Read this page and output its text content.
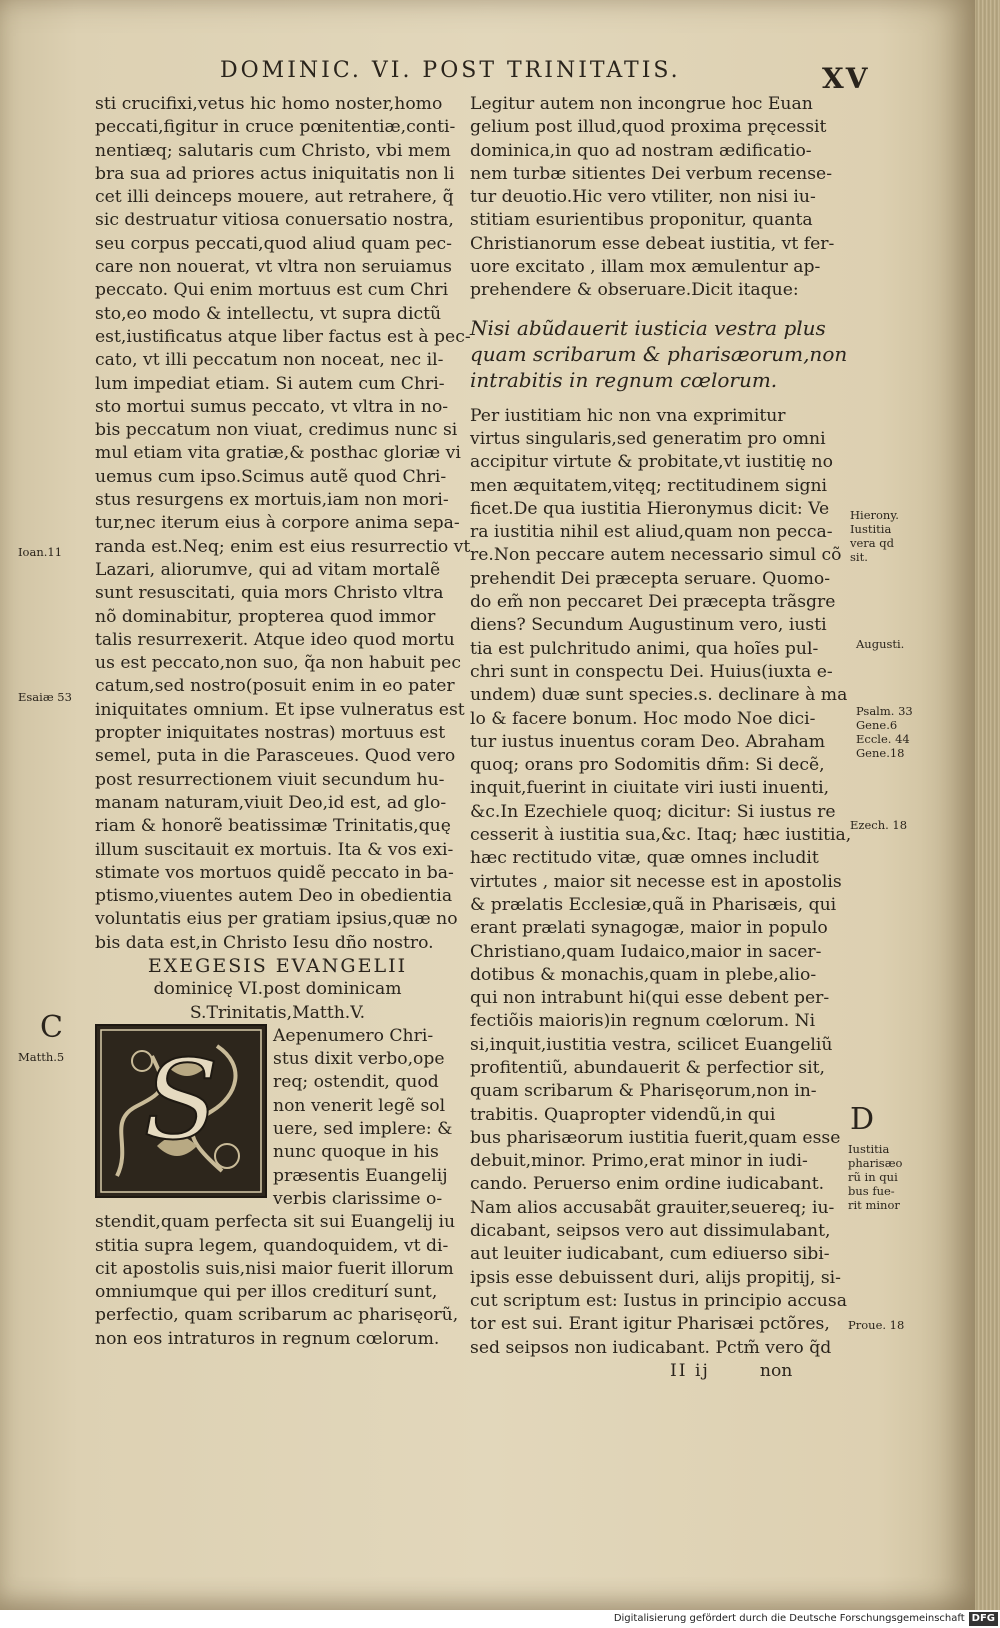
DOMINIC. VI. POST TRINITATIS.	XV
sti crucifixi,vetus hic homo noster,homo
peccati,figitur in cruce pœnitentiæ,conti-
nentiæq; salutaris cum Christo, vbi mem
bra sua ad priores actus iniquitatis non li
cet illi deinceps mouere, aut retrahere, q̃
sic destruatur vitiosa conuersatio nostra,
seu corpus peccati,quod aliud quam pec-
care non nouerat, vt vltra non seruiamus
peccato. Qui enim mortuus est cum Chri
sto,eo modo & intellectu, vt supra dictũ
est,iustificatus atque liber factus est à pec-
cato, vt illi peccatum non noceat, nec il-
lum impediat etiam. Si autem cum Chri-
sto mortui sumus peccato, vt vltra in no-
bis peccatum non viuat, credimus nunc si
mul etiam vita gratiæ,& posthac gloriæ vi
uemus cum ipso.Scimus autẽ quod Chri-
stus resurgens ex mortuis,iam non mori-
tur,nec iterum eius à corpore anima sepa-
randa est.Neq; enim est eius resurrectio vt
Lazari, aliorumve, qui ad vitam mortalẽ
sunt resuscitati, quia mors Christo vltra
nõ dominabitur, propterea quod immor
talis resurrexerit. Atque ideo quod mortu
us est peccato,non suo, q̃a non habuit pec
catum,sed nostro(posuit enim in eo pater
iniquitates omnium. Et ipse vulneratus est
propter iniquitates nostras) mortuus est
semel, puta in die Parasceues. Quod vero
post resurrectionem viuit secundum hu-
manam naturam,viuit Deo,id est, ad glo-
riam & honorẽ beatissimæ Trinitatis,quę
illum suscitauit ex mortuis. Ita & vos exi-
stimate vos mortuos quidẽ peccato in ba-
ptismo,viuentes autem Deo in obedientia
voluntatis eius per gratiam ipsius,quæ no
bis data est,in Christo Iesu dño nostro.
EXEGESIS EVANGELII
dominicę VI.post dominicam
S.Trinitatis,Matth.V.
Aepenumero Chri-
stus dixit verbo,ope
req; ostendit, quod
non venerit legẽ sol
uere, sed implere: &
nunc quoque in his
præsentis Euangelij
verbis clarissime o-
stendit,quam perfecta sit sui Euangelij iu
stitia supra legem, quandoquidem, vt di-
cit apostolis suis,nisi maior fuerit illorum
omniumque qui per illos crediturí sunt,
perfectio, quam scribarum ac pharisęorũ,
non eos intraturos in regnum cœlorum.
S
Legitur autem non incongrue hoc Euan
gelium post illud,quod proxima pręcessit
dominica,in quo ad nostram ædificatio-
nem turbæ sitientes Dei verbum recense-
tur deuotio.Hic vero vtiliter, non nisi iu-
stitiam esurientibus proponitur, quanta
Christianorum esse debeat iustitia, vt fer-
uore excitato , illam mox æmulentur ap-
prehendere & obseruare.Dicit itaque:
Nisi abũdauerit iusticia vestra plus
quam scribarum & pharisæorum,non
intrabitis in regnum cœlorum.
Per iustitiam hic non vna exprimitur
virtus singularis,sed generatim pro omni
accipitur virtute & probitate,vt iustitię no
men æquitatem,vitęq; rectitudinem signi
ficet.De qua iustitia Hieronymus dicit: Ve
ra iustitia nihil est aliud,quam non pecca-
re.Non peccare autem necessario simul cõ
prehendit Dei præcepta seruare. Quomo-
do em̃ non peccaret Dei præcepta trãsgre
diens? Secundum Augustinum vero, iusti
tia est pulchritudo animi, qua hoĩes pul-
chri sunt in conspectu Dei. Huius(iuxta e-
undem) duæ sunt species.s. declinare à ma
lo & facere bonum. Hoc modo Noe dici-
tur iustus inuentus coram Deo. Abraham
quoq; orans pro Sodomitis dñm: Si decẽ,
inquit,fuerint in ciuitate viri iusti inuenti,
&c.In Ezechiele quoq; dicitur: Si iustus re
cesserit à iustitia sua,&c. Itaq; hæc iustitia,
hæc rectitudo vitæ, quæ omnes includit
virtutes , maior sit necesse est in apostolis
& prælatis Ecclesiæ,quã in Pharisæis, qui
erant prælati synagogæ, maior in populo
Christiano,quam Iudaico,maior in sacer-
dotibus & monachis,quam in plebe,alio-
qui non intrabunt hi(qui esse debent per-
fectiõis maioris)in regnum cœlorum. Ni
si,inquit,iustitia vestra, scilicet Euangeliũ
profitentiũ, abundauerit & perfectior sit,
quam scribarum & Pharisęorum,non in-
trabitis. Quapropter videndũ,in qui
bus pharisæorum iustitia fuerit,quam esse
debuit,minor. Primo,erat minor in iudi-
cando. Peruerso enim ordine iudicabant.
Nam alios accusabãt grauiter,seuereq; iu-
dicabant, seipsos vero aut dissimulabant,
aut leuiter iudicabant, cum ediuerso sibi-
ipsis esse debuissent duri, alijs propitij, si-
cut scriptum est: Iustus in principio accusa
tor est sui. Erant igitur Pharisæi pctõres,
sed seipsos non iudicabant. Pctm̃ vero q̃d
II ij	non
Ioan.11
Esaiæ 53
C
Matth.5
Hierony.
Iustitia
vera qd
sit.
Augusti.
Psalm. 33
Gene.6
Eccle. 44
Gene.18
Ezech. 18
D
Iustitia
pharisæo
rũ in qui
bus fue-
rit minor
Proue. 18
Digitalisierung gefördert durch die Deutsche Forschungsgemeinschaft DFG
